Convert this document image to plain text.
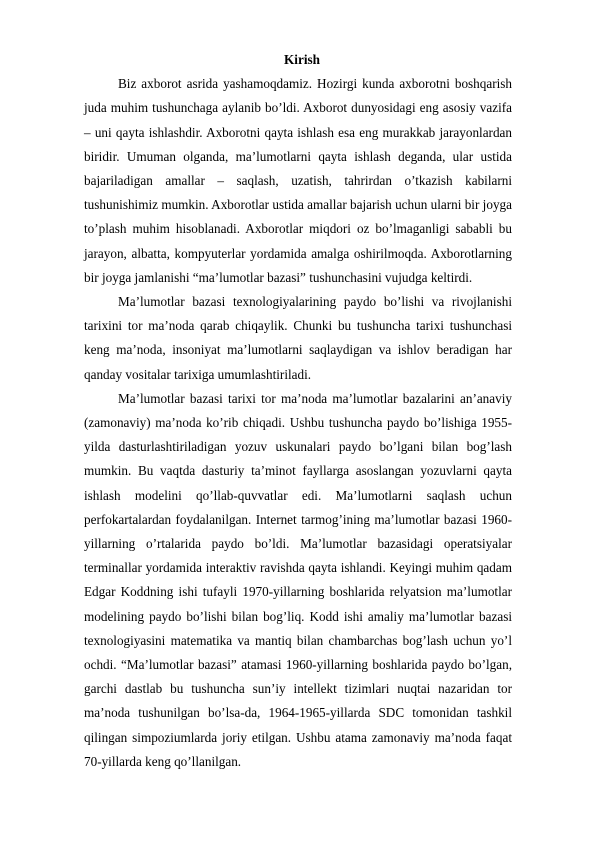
Kirish

Biz axborot asrida yashamoqdamiz. Hozirgi kunda axborotni boshqarish juda muhim tushunchaga aylanib bo’ldi. Axborot dunyosidagi eng asosiy vazifa – uni qayta ishlashdir. Axborotni qayta ishlash esa eng murakkab jarayonlardan biridir. Umuman olganda, ma’lumotlarni qayta ishlash deganda, ular ustida bajariladigan amallar – saqlash, uzatish, tahrirdan o’tkazish kabilarni tushunishimiz mumkin. Axborotlar ustida amallar bajarish uchun ularni bir joyga to’plash muhim hisoblanadi. Axborotlar miqdori oz bo’lmaganligi sababli bu jarayon, albatta, kompyuterlar yordamida amalga oshirilmoqda. Axborotlarning bir joyga jamlanishi “ma’lumotlar bazasi” tushunchasini vujudga keltirdi.

Ma’lumotlar bazasi texnologiyalarining paydo bo’lishi va rivojlanishi tarixini tor ma’noda qarab chiqaylik. Chunki bu tushuncha tarixi tushunchasi keng ma’noda, insoniyat ma’lumotlarni saqlaydigan va ishlov beradigan har qanday vositalar tarixiga umumlashtiriladi.

Ma’lumotlar bazasi tarixi tor ma’noda ma’lumotlar bazalarini an’anaviy (zamonaviy) ma’noda ko’rib chiqadi. Ushbu tushuncha paydo bo’lishiga 1955-yilda dasturlashtiriladigan yozuv uskunalari paydo bo’lgani bilan bog’lash mumkin. Bu vaqtda dasturiy ta’minot fayllarga asoslangan yozuvlarni qayta ishlash modelini qo’llab-quvvatlar edi. Ma’lumotlarni saqlash uchun perfokartalardan foydalanilgan. Internet tarmog’ining ma’lumotlar bazasi 1960-yillarning o’rtalarida paydo bo’ldi. Ma’lumotlar bazasidagi operatsiyalar terminallar yordamida interaktiv ravishda qayta ishlandi. Keyingi muhim qadam Edgar Koddning ishi tufayli 1970-yillarning boshlarida relyatsion ma’lumotlar modelining paydo bo’lishi bilan bog’liq. Kodd ishi amaliy ma’lumotlar bazasi texnologiyasini matematika va mantiq bilan chambarchas bog’lash uchun yo’l ochdi. “Ma’lumotlar bazasi” atamasi 1960-yillarning boshlarida paydo bo’lgan, garchi dastlab bu tushuncha sun’iy intellekt tizimlari nuqtai nazaridan tor ma’noda tushunilgan bo’lsa-da, 1964-1965-yillarda SDC tomonidan tashkil qilingan simpoziumlarda joriy etilgan. Ushbu atama zamonaviy ma’noda faqat 70-yillarda keng qo’llanilgan.
